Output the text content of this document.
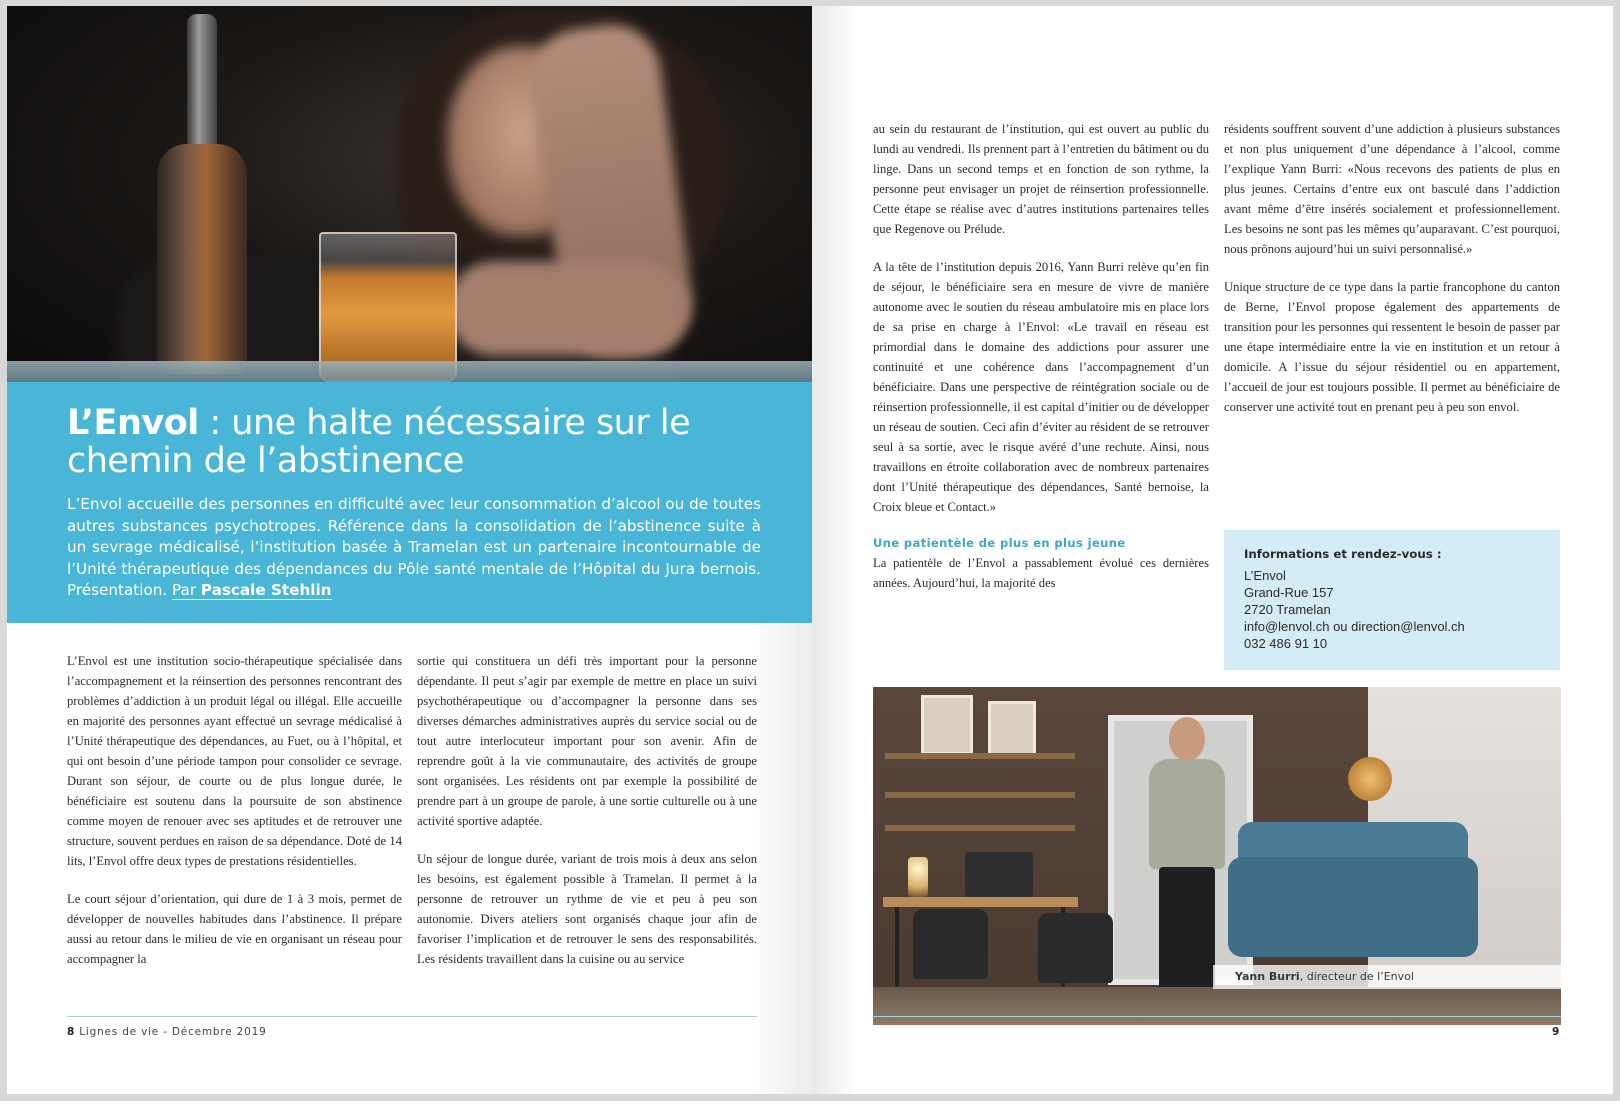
L’Envol : une halte nécessaire sur le chemin de l’abstinence

L’Envol accueille des personnes en difficulté avec leur consommation d’alcool ou de toutes autres substances psychotropes. Référence dans la consolidation de l’abstinence suite à un sevrage médicalisé, l’institution basée à Tramelan est un partenaire incontournable de l’Unité thérapeutique des dépendances du Pôle santé mentale de l’Hôpital du Jura bernois. Présentation. Par Pascale Stehlin

L’Envol est une institution socio-thérapeutique spécialisée dans l’accompagnement et la réinsertion des personnes rencontrant des problèmes d’addiction à un produit légal ou illégal. Elle accueille en majorité des personnes ayant effectué un sevrage médicalisé à l’Unité thérapeutique des dépendances, au Fuet, ou à l’hôpital, et qui ont besoin d’une période tampon pour consolider ce sevrage. Durant son séjour, de courte ou de plus longue durée, le bénéficiaire est soutenu dans la poursuite de son abstinence comme moyen de renouer avec ses aptitudes et de retrouver une structure, souvent perdues en raison de sa dépendance. Doté de 14 lits, l’Envol offre deux types de prestations résidentielles.

Le court séjour d’orientation, qui dure de 1 à 3 mois, permet de développer de nouvelles habitudes dans l’abstinence. Il prépare aussi au retour dans le milieu de vie en organisant un réseau pour accompagner la

sortie qui constituera un défi très important pour la personne dépendante. Il peut s’agir par exemple de mettre en place un suivi psychothérapeutique ou d’accompagner la personne dans ses diverses démarches administratives auprès du service social ou de tout autre interlocuteur important pour son avenir. Afin de reprendre goût à la vie communautaire, des activités de groupe sont organisées. Les résidents ont par exemple la possibilité de prendre part à un groupe de parole, à une sortie culturelle ou à une activité sportive adaptée.

Un séjour de longue durée, variant de trois mois à deux ans selon les besoins, est également possible à Tramelan. Il permet à la personne de retrouver un rythme de vie et peu à peu son autonomie. Divers ateliers sont organisés chaque jour afin de favoriser l’implication et de retrouver le sens des responsabilités. Les résidents travaillent dans la cuisine ou au service

8 Lignes de vie - Décembre 2019

au sein du restaurant de l’institution, qui est ouvert au public du lundi au vendredi. Ils prennent part à l’entretien du bâtiment ou du linge. Dans un second temps et en fonction de son rythme, la personne peut envisager un projet de réinsertion professionnelle. Cette étape se réalise avec d’autres institutions partenaires telles que Regenove ou Prélude.

A la tête de l’institution depuis 2016, Yann Burri relève qu’en fin de séjour, le bénéficiaire sera en mesure de vivre de manière autonome avec le soutien du réseau ambulatoire mis en place lors de sa prise en charge à l’Envol: «Le travail en réseau est primordial dans le domaine des addictions pour assurer une continuité et une cohérence dans l’accompagnement d’un bénéficiaire. Dans une perspective de réintégration sociale ou de réinsertion professionnelle, il est capital d’initier ou de développer un réseau de soutien. Ceci afin d’éviter au résident de se retrouver seul à sa sortie, avec le risque avéré d’une rechute. Ainsi, nous travaillons en étroite collaboration avec de nombreux partenaires dont l’Unité thérapeutique des dépendances, Santé bernoise, la Croix bleue et Contact.»

Une patientèle de plus en plus jeune

La patientèle de l’Envol a passablement évolué ces dernières années. Aujourd’hui, la majorité des

résidents souffrent souvent d’une addiction à plusieurs substances et non plus uniquement d’une dépendance à l’alcool, comme l’explique Yann Burri: «Nous recevons des patients de plus en plus jeunes. Certains d’entre eux ont basculé dans l’addiction avant même d’être insérés socialement et professionnellement. Les besoins ne sont pas les mêmes qu’auparavant. C’est pourquoi, nous prônons aujourd’hui un suivi personnalisé.»

Unique structure de ce type dans la partie francophone du canton de Berne, l’Envol propose également des appartements de transition pour les personnes qui ressentent le besoin de passer par une étape intermédiaire entre la vie en institution et un retour à domicile. A l’issue du séjour résidentiel ou en appartement, l’accueil de jour est toujours possible. Il permet au bénéficiaire de conserver une activité tout en prenant peu à peu son envol.

Informations et rendez-vous :
L’Envol
Grand-Rue 157
2720 Tramelan
info@lenvol.ch ou direction@lenvol.ch
032 486 91 10
Yann Burri, directeur de l’Envol
9
